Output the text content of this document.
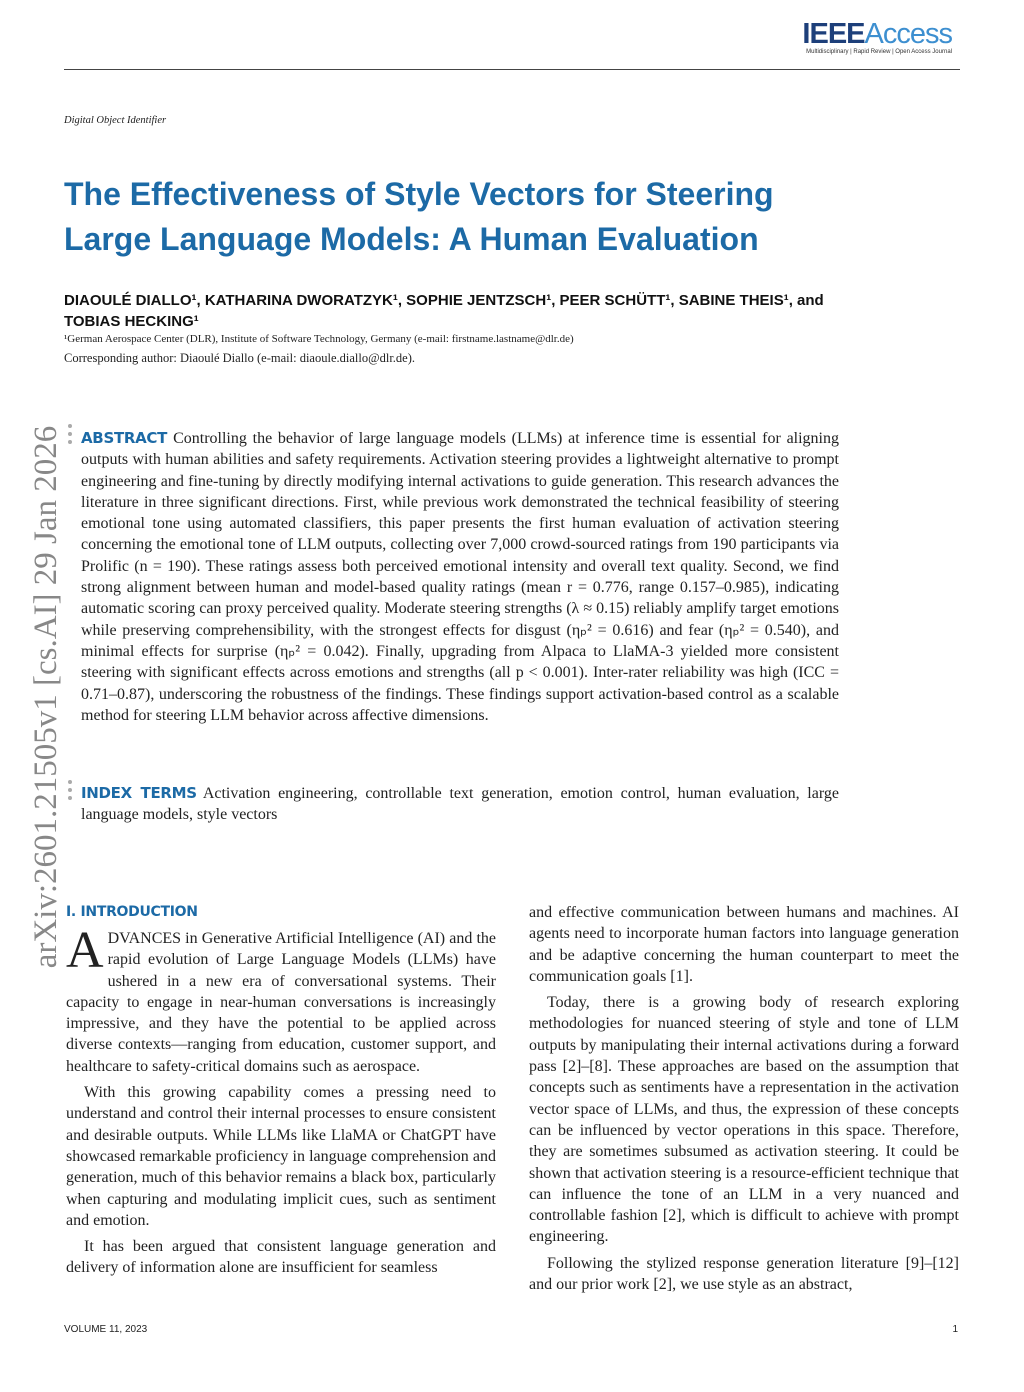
IEEEAccess
Multidisciplinary | Rapid Review | Open Access Journal
Digital Object Identifier
The Effectiveness of Style Vectors for Steering Large Language Models: A Human Evaluation
DIAOULÉ DIALLO¹, KATHARINA DWORATZYK¹, SOPHIE JENTZSCH¹, PEER SCHÜTT¹, SABINE THEIS¹, and TOBIAS HECKING¹
¹German Aerospace Center (DLR), Institute of Software Technology, Germany (e-mail: firstname.lastname@dlr.de)
Corresponding author: Diaoulé Diallo (e-mail: diaoule.diallo@dlr.de).
arXiv:2601.21505v1 [cs.AI] 29 Jan 2026 ABSTRACT Controlling the behavior of large language models (LLMs) at inference time is essential for aligning outputs with human abilities and safety requirements. Activation steering provides a lightweight alternative to prompt engineering and fine-tuning by directly modifying internal activations to guide generation. This research advances the literature in three significant directions. First, while previous work demonstrated the technical feasibility of steering emotional tone using automated classifiers, this paper presents the first human evaluation of activation steering concerning the emotional tone of LLM outputs, collecting over 7,000 crowd-sourced ratings from 190 participants via Prolific (n = 190). These ratings assess both perceived emotional intensity and overall text quality. Second, we find strong alignment between human and model-based quality ratings (mean r = 0.776, range 0.157–0.985), indicating automatic scoring can proxy perceived quality. Moderate steering strengths (λ ≈ 0.15) reliably amplify target emotions while preserving comprehensibility, with the strongest effects for disgust (ηₚ² = 0.616) and fear (ηₚ² = 0.540), and minimal effects for surprise (ηₚ² = 0.042). Finally, upgrading from Alpaca to LlaMA-3 yielded more consistent steering with significant effects across emotions and strengths (all p < 0.001). Inter-rater reliability was high (ICC = 0.71–0.87), underscoring the robustness of the findings. These findings support activation-based control as a scalable method for steering LLM behavior across affective dimensions.
INDEX TERMS Activation engineering, controllable text generation, emotion control, human evaluation, large language models, style vectors
I. INTRODUCTION

ADVANCES in Generative Artificial Intelligence (AI) and the rapid evolution of Large Language Models (LLMs) have ushered in a new era of conversational systems. Their capacity to engage in near-human conversations is increasingly impressive, and they have the potential to be applied across diverse contexts—ranging from education, customer support, and healthcare to safety-critical domains such as aerospace.

With this growing capability comes a pressing need to understand and control their internal processes to ensure consistent and desirable outputs. While LLMs like LlaMA or ChatGPT have showcased remarkable proficiency in language comprehension and generation, much of this behavior remains a black box, particularly when capturing and modulating implicit cues, such as sentiment and emotion.

It has been argued that consistent language generation and delivery of information alone are insufficient for seamless

and effective communication between humans and machines. AI agents need to incorporate human factors into language generation and be adaptive concerning the human counterpart to meet the communication goals [1].

Today, there is a growing body of research exploring methodologies for nuanced steering of style and tone of LLM outputs by manipulating their internal activations during a forward pass [2]–[8]. These approaches are based on the assumption that concepts such as sentiments have a representation in the activation vector space of LLMs, and thus, the expression of these concepts can be influenced by vector operations in this space. Therefore, they are sometimes subsumed as activation steering. It could be shown that activation steering is a resource-efficient technique that can influence the tone of an LLM in a very nuanced and controllable fashion [2], which is difficult to achieve with prompt engineering.

Following the stylized response generation literature [9]–[12] and our prior work [2], we use style as an abstract,

VOLUME 11, 2023	1
